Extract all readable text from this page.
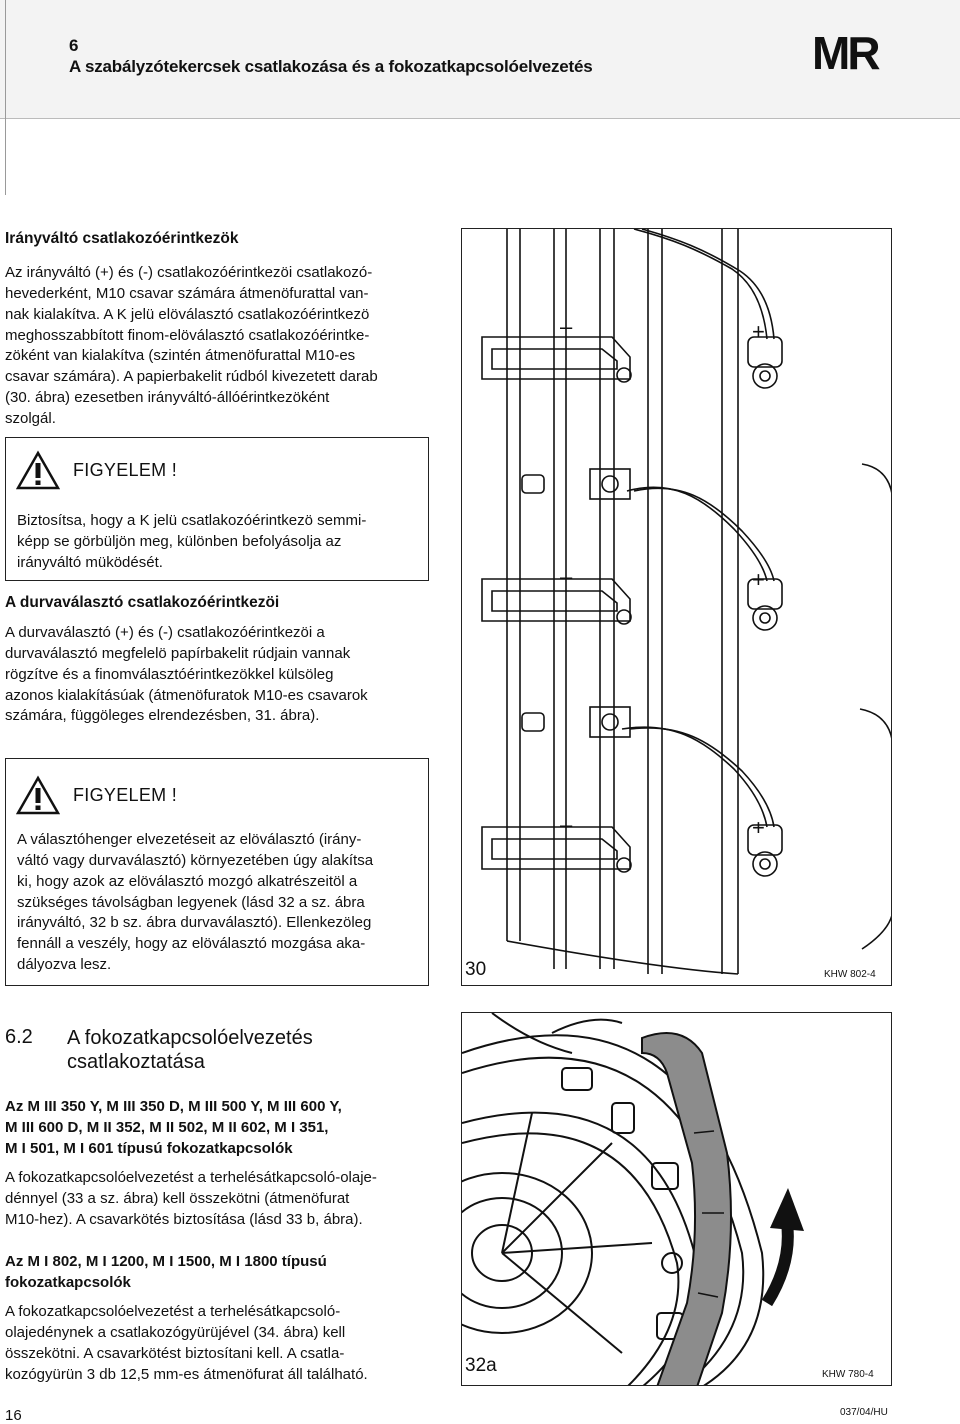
6
A szabályzótekercsek csatlakozása és a fokozatkapcsolóelvezetés	MR
Irányváltó csatlakozóérintkezök
Az irányváltó (+) és (-) csatlakozóérintkezöi csatlakozó-
hevederként, M10 csavar számára átmenöfurattal van-
nak kialakítva. A K jelü elöválasztó csatlakozóérintkezö
meghosszabbított finom-elöválasztó csatlakozóérintke-
zöként van kialakítva (szintén átmenöfurattal M10-es
csavar számára). A papierbakelit rúdból kivezetett darab
(30. ábra) ezesetben irányváltó-állóérintkezöként
szolgál.
FIGYELEM !
Biztosítsa, hogy a K jelü csatlakozóérintkezö semmi-
képp se görbüljön meg, különben befolyásolja az
irányváltó müködését.
A durvaválasztó csatlakozóérintkezöi
A durvaválasztó (+) és (-) csatlakozóérintkezöi a
durvaválasztó megfelelö papírbakelit rúdjain vannak
rögzítve és a finomválasztóérintkezökkel külsöleg
azonos kialakításúak (átmenöfuratok M10-es csavarok
számára, függöleges elrendezésben, 31. ábra).
FIGYELEM !
A választóhenger elvezetéseit az elöválasztó (irány-
váltó vagy durvaválasztó) környezetében úgy alakítsa
ki, hogy azok az elöválasztó mozgó alkatrészeitöl a
szükséges távolságban legyenek (lásd 32 a sz. ábra
irányváltó, 32 b sz. ábra durvaválasztó). Ellenkezöleg
fennáll a veszély, hogy az elöválasztó mozgása aka-
dályozva lesz.
–	+
–	+
–	+
30	KHW 802-4
6.2 A fokozatkapcsolóelvezetés
csatlakoztatása
Az M III 350 Y, M III 350 D, M III 500 Y, M III 600 Y,
M III 600 D, M II 352, M II 502, M II 602, M I 351,
M I 501, M I 601 típusú fokozatkapcsolók
A fokozatkapcsolóelvezetést a terhelésátkapcsoló-olaje-
dénnyel (33 a sz. ábra) kell összekötni (átmenöfurat
M10-hez). A csavarkötés biztosítása (lásd 33 b, ábra).
Az M I 802, M I 1200, M I 1500, M I 1800 típusú
fokozatkapcsolók
A fokozatkapcsolóelvezetést a terhelésátkapcsoló-
olajedénynek a csatlakozógyürüjével (34. ábra) kell
összekötni. A csavarkötést biztosítani kell. A csatla-
kozógyürün 3 db 12,5 mm-es átmenöfurat áll található.	32a	KHW 780-4
16	037/04/HU
